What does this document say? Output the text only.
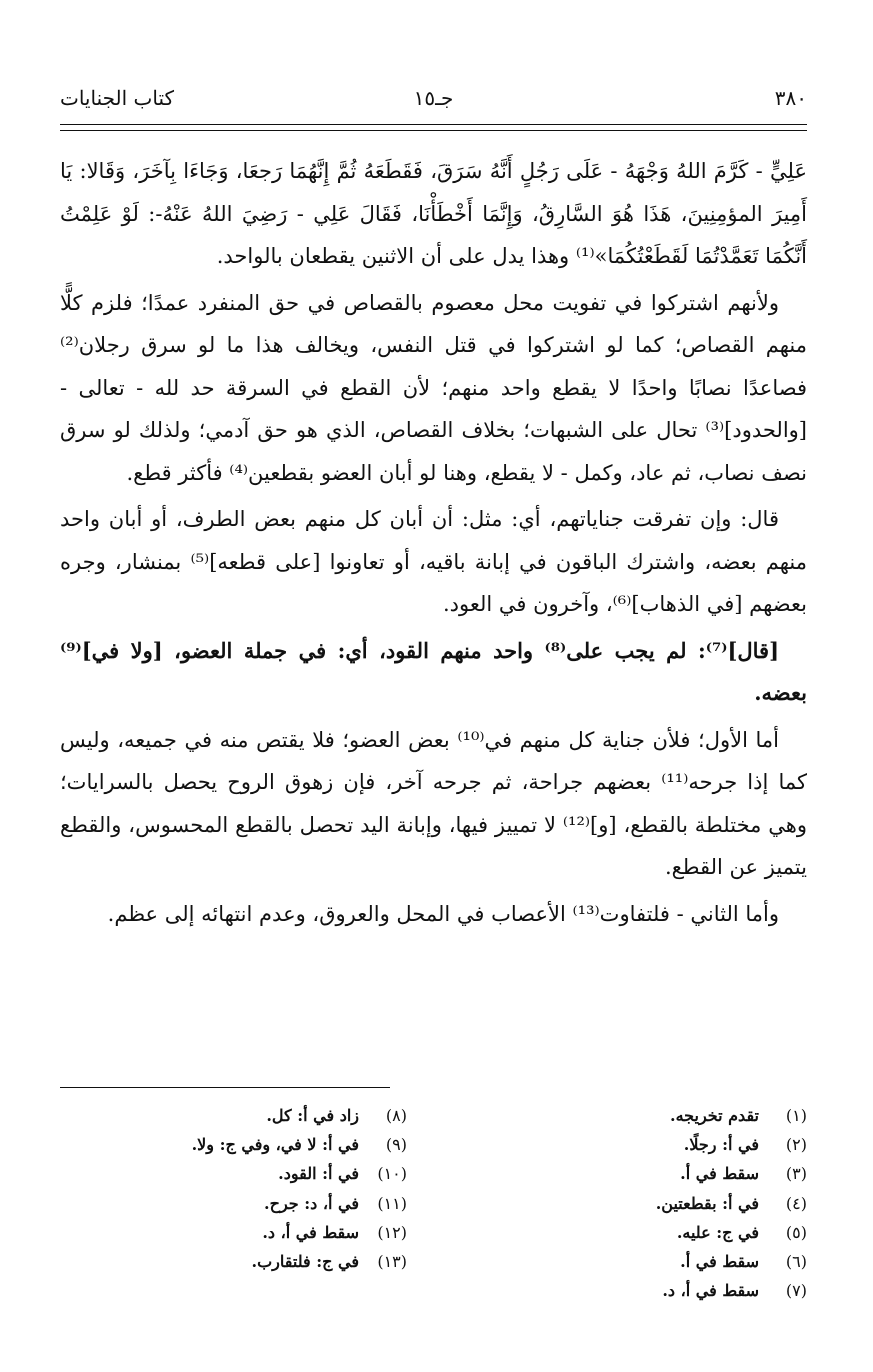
٣٨٠
جـ١٥
كتاب الجنايات

عَلِيٍّ - كَرَّمَ اللهُ وَجْهَهُ - عَلَى رَجُلٍ أَنَّهُ سَرَقَ، فَقَطَعَهُ ثُمَّ إِنَّهُمَا رَجعَا، وَجَاءَا بِآخَرَ، وَقَالا: يَا أَمِيرَ المؤمِنِينَ، هَذَا هُوَ السَّارِقُ، وَإِنَّمَا أَخْطَأْنَا، فَقَالَ عَلِي - رَضِيَ اللهُ عَنْهُ-: لَوْ عَلِمْتُ أَنَّكُمَا تَعَمَّدْتُمَا لَقَطَعْتُكُمَا»⁽¹⁾ وهذا يدل على أن الاثنين يقطعان بالواحد.

ولأنهم اشتركوا في تفويت محل معصوم بالقصاص في حق المنفرد عمدًا؛ فلزم كلًّا منهم القصاص؛ كما لو اشتركوا في قتل النفس، ويخالف هذا ما لو سرق رجلان⁽²⁾ فصاعدًا نصابًا واحدًا لا يقطع واحد منهم؛ لأن القطع في السرقة حد لله - تعالى - [والحدود]⁽³⁾ تحال على الشبهات؛ بخلاف القصاص، الذي هو حق آدمي؛ ولذلك لو سرق نصف نصاب، ثم عاد، وكمل - لا يقطع، وهنا لو أبان العضو بقطعين⁽⁴⁾ فأكثر قطع.

قال: وإن تفرقت جناياتهم، أي: مثل: أن أبان كل منهم بعض الطرف، أو أبان واحد منهم بعضه، واشترك الباقون في إبانة باقيه، أو تعاونوا [على قطعه]⁽⁵⁾ بمنشار، وجره بعضهم [في الذهاب]⁽⁶⁾، وآخرون في العود.

[قال]⁽⁷⁾: لم يجب على⁽⁸⁾ واحد منهم القود، أي: في جملة العضو، [ولا في]⁽⁹⁾ بعضه.

أما الأول؛ فلأن جناية كل منهم في⁽¹⁰⁾ بعض العضو؛ فلا يقتص منه في جميعه، وليس كما إذا جرحه⁽¹¹⁾ بعضهم جراحة، ثم جرحه آخر، فإن زهوق الروح يحصل بالسرايات؛ وهي مختلطة بالقطع، [و]⁽¹²⁾ لا تمييز فيها، وإبانة اليد تحصل بالقطع المحسوس، والقطع يتميز عن القطع.

وأما الثاني - فلتفاوت⁽¹³⁾ الأعصاب في المحل والعروق، وعدم انتهائه إلى عظم.

(١)
تقدم تخريجه.
(٢)
في أ: رجلًا.
(٣)
سقط في أ.
(٤)
في أ: بقطعتين.
(٥)
في ج: عليه.
(٦)
سقط في أ.
(٧)
سقط في أ، د.
(٨)
زاد في أ: كل.
(٩)
في أ: لا في، وفي ج: ولا.
(١٠)
في أ: القود.
(١١)
في أ، د: جرح.
(١٢)
سقط في أ، د.
(١٣)
في ج: فلتقارب.
